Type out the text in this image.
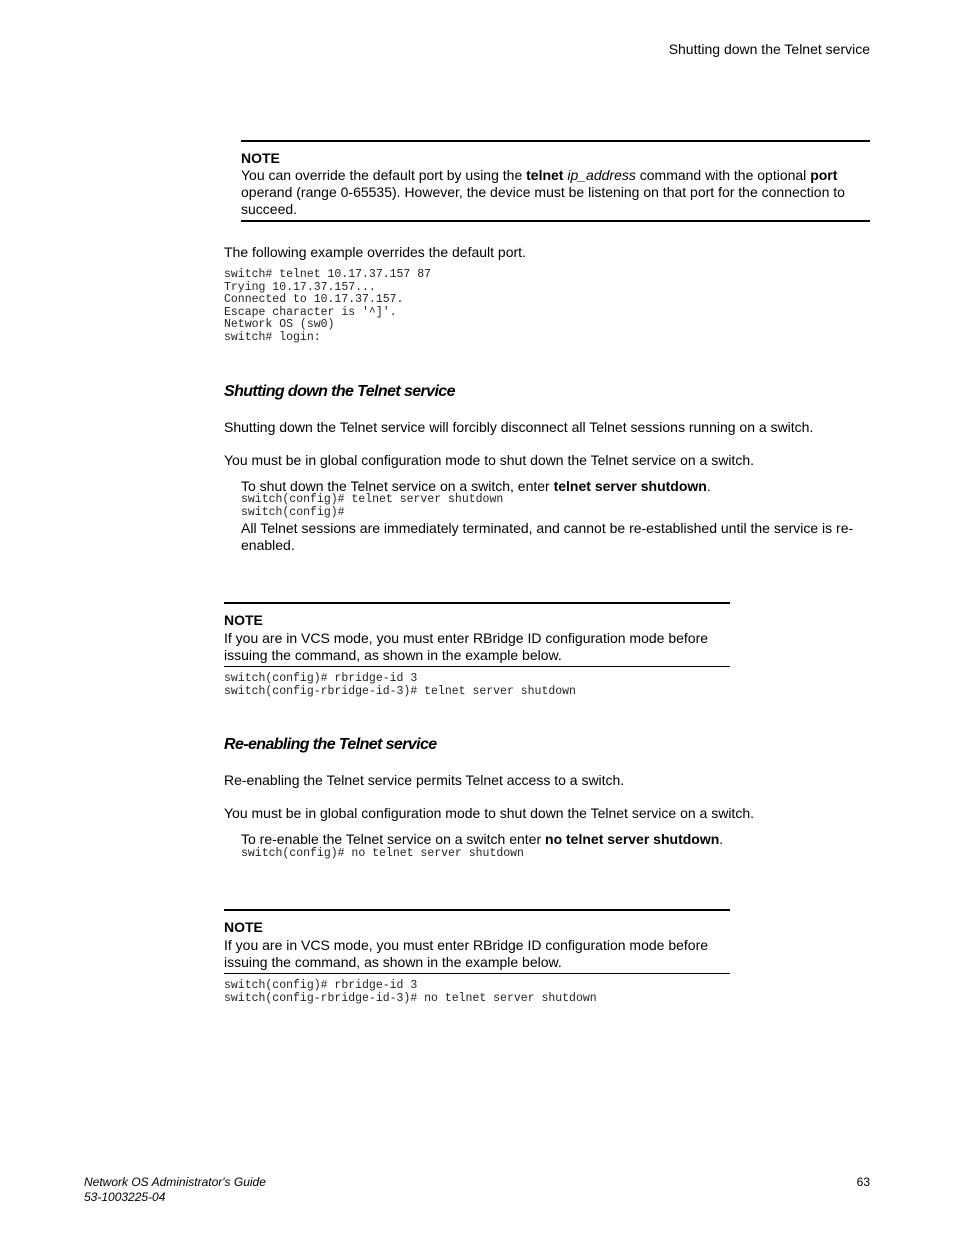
Shutting down the Telnet service
NOTE
You can override the default port by using the telnet ip_address command with the optional port operand (range 0-65535). However, the device must be listening on that port for the connection to succeed.
The following example overrides the default port.
switch# telnet 10.17.37.157 87
Trying 10.17.37.157...
Connected to 10.17.37.157.
Escape character is '^]'.
Network OS (sw0)
switch# login:
Shutting down the Telnet service
Shutting down the Telnet service will forcibly disconnect all Telnet sessions running on a switch.
You must be in global configuration mode to shut down the Telnet service on a switch.
To shut down the Telnet service on a switch, enter telnet server shutdown.
switch(config)# telnet server shutdown
switch(config)#
All Telnet sessions are immediately terminated, and cannot be re-established until the service is re-enabled.
NOTE
If you are in VCS mode, you must enter RBridge ID configuration mode before issuing the command, as shown in the example below.
switch(config)# rbridge-id 3
switch(config-rbridge-id-3)# telnet server shutdown
Re-enabling the Telnet service
Re-enabling the Telnet service permits Telnet access to a switch.
You must be in global configuration mode to shut down the Telnet service on a switch.
To re-enable the Telnet service on a switch enter no telnet server shutdown.
switch(config)# no telnet server shutdown
NOTE
If you are in VCS mode, you must enter RBridge ID configuration mode before issuing the command, as shown in the example below.
switch(config)# rbridge-id 3
switch(config-rbridge-id-3)# no telnet server shutdown
Network OS Administrator's Guide
53-1003225-04
63
